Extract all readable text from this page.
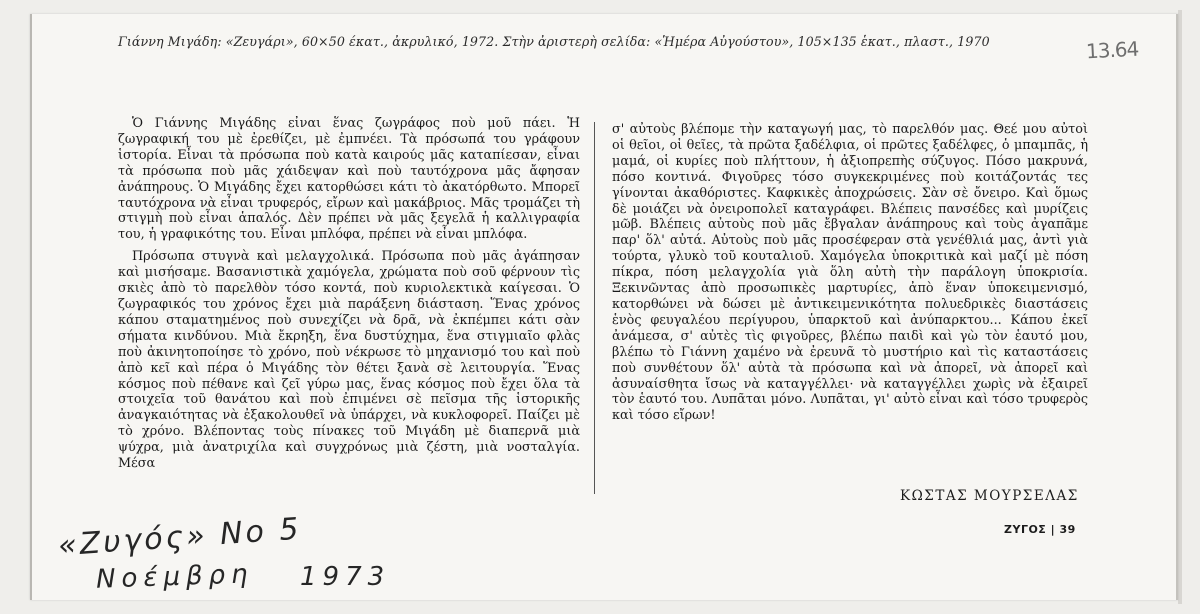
Γιάννη Μιγάδη: «Ζευγάρι», 60×50 έκατ., ἀκρυλικό, 1972. Στὴν ἀριστερὴ σελίδα: «Ἡμέρα Αὐγούστου», 105×135 ἑκατ., πλαστ., 1970	13.64

Ὁ Γιάννης Μιγάδης εἶναι ἕνας ζωγράφος ποὺ μοῦ πάει. Ἡ ζωγραφική του μὲ ἐρεθίζει, μὲ ἐμπνέει. Τὰ πρόσωπά του γράφουν ἱστορία. Εἶναι τὰ πρόσωπα ποὺ κατὰ καιρούς μᾶς καταπίεσαν, εἶναι τὰ πρόσωπα ποὺ μᾶς χάιδεψαν καὶ ποὺ ταυτόχρονα μᾶς ἄφησαν ἀνάπηρους. Ὁ Μιγάδης ἔχει κατορθώσει κάτι τὸ ἀκατόρθωτο. Μπορεῖ ταυτόχρονα νὰ εἶναι τρυφερός, εἴρων καὶ μακάβριος. Μᾶς τρομάζει τὴ στιγμὴ ποὺ εἶναι ἁπαλός. Δὲν πρέπει νὰ μᾶς ξεγελᾶ ἡ καλλιγραφία του, ἡ γραφικότης του. Εἶναι μπλόφα, πρέπει νὰ εἶναι μπλόφα.

Πρόσωπα στυγνὰ καὶ μελαγχολικά. Πρόσωπα ποὺ μᾶς ἀγάπησαν καὶ μισήσαμε. Βασανιστικὰ χαμόγελα, χρώματα ποὺ σοῦ φέρνουν τὶς σκιὲς ἀπὸ τὸ παρελθὸν τόσο κοντά, ποὺ κυριολεκτικὰ καίγεσαι. Ὁ ζωγραφικός του χρόνος ἔχει μιὰ παράξενη διάσταση. Ἕνας χρόνος κάπου σταματημένος ποὺ συνεχίζει νὰ δρᾶ, νὰ ἐκπέμπει κάτι σὰν σήματα κινδύνου. Μιὰ ἔκρηξη, ἕνα δυστύχημα, ἕνα στιγμιαῖο φλὰς ποὺ ἀκινητοποίησε τὸ χρόνο, ποὺ νέκρωσε τὸ μηχανισμό του καὶ ποὺ ἀπὸ κεῖ καὶ πέρα ὁ Μιγάδης τὸν θέτει ξανὰ σὲ λειτουργία. Ἕνας κόσμος ποὺ πέθανε καὶ ζεῖ γύρω μας, ἕνας κόσμος ποὺ ἔχει ὅλα τὰ στοιχεῖα τοῦ θανάτου καὶ ποὺ ἐπιμένει σὲ πεῖσμα τῆς ἱστορικῆς ἀναγκαιότητας νὰ ἐξακολουθεῖ νὰ ὑπάρχει, νὰ κυκλοφορεῖ. Παίζει μὲ τὸ χρόνο. Βλέποντας τοὺς πίνακες τοῦ Μιγάδη μὲ διαπερνᾶ μιὰ ψύχρα, μιὰ ἀνατριχίλα καὶ συγχρόνως μιὰ ζέστη, μιὰ νοσταλγία. Μέσα

σ' αὐτοὺς βλέπομε τὴν καταγωγή μας, τὸ παρελθόν μας. Θεέ μου αὐτοὶ οἱ θεῖοι, οἱ θεῖες, τὰ πρῶτα ξαδέλφια, οἱ πρῶτες ξαδέλφες, ὁ μπαμπᾶς, ἡ μαμά, οἱ κυρίες ποὺ πλήττουν, ἡ ἀξιοπρεπὴς σύζυγος. Πόσο μακρυνά, πόσο κοντινά. Φιγοῦρες τόσο συγκεκριμένες ποὺ κοιτάζοντάς τες γίνονται ἀκαθόριστες. Καφκικὲς ἀποχρώσεις. Σὰν σὲ ὄνειρο. Καὶ ὅμως δὲ μοιάζει νὰ ὀνειροπολεῖ καταγράφει. Βλέπεις πανσέδες καὶ μυρίζεις μῶβ. Βλέπεις αὐτοὺς ποὺ μᾶς ἔβγαλαν ἀνάπηρους καὶ τοὺς ἀγαπᾶμε παρ' ὅλ' αὐτά. Αὐτοὺς ποὺ μᾶς προσέφεραν στὰ γενέθλιά μας, ἀντὶ γιὰ τούρτα, γλυκὸ τοῦ κουταλιοῦ. Χαμόγελα ὑποκριτικὰ καὶ μαζί μὲ πόση πίκρα, πόση μελαγχολία γιὰ ὅλη αὐτὴ τὴν παράλογη ὑποκρισία. Ξεκινῶντας ἀπὸ προσωπικὲς μαρτυρίες, ἀπὸ ἕναν ὑποκειμενισμό, κατορθώνει νὰ δώσει μὲ ἀντικειμενικότητα πολυεδρικὲς διαστάσεις ἑνὸς φευγαλέου περίγυρου, ὑπαρκτοῦ καὶ ἀνύπαρκτου... Κάπου ἐκεῖ ἀνάμεσα, σ' αὐτὲς τὶς φιγοῦρες, βλέπω παιδὶ καὶ γὼ τὸν ἑαυτό μου, βλέπω τὸ Γιάννη χαμένο νὰ ἐρευνᾶ τὸ μυστήριο καὶ τὶς καταστάσεις ποὺ συνθέτουν ὅλ' αὐτὰ τὰ πρόσωπα καὶ νὰ ἀπορεῖ, νὰ ἀπορεῖ καὶ ἀσυναίσθητα ἴσως νὰ καταγγέλλει· νὰ καταγγέλλει χωρὶς νὰ ἐξαιρεῖ τὸν ἑαυτό του. Λυπᾶται μόνο. Λυπᾶται, γι' αὐτὸ εἶναι καὶ τόσο τρυφερὸς καὶ τόσο εἴρων!

ΚΩΣΤΑΣ ΜΟΥΡΣΕΛΑΣ
ΖΥΓΟΣ | 39
«Ζυγός» Νο 5
Νοέμβρη 1973
